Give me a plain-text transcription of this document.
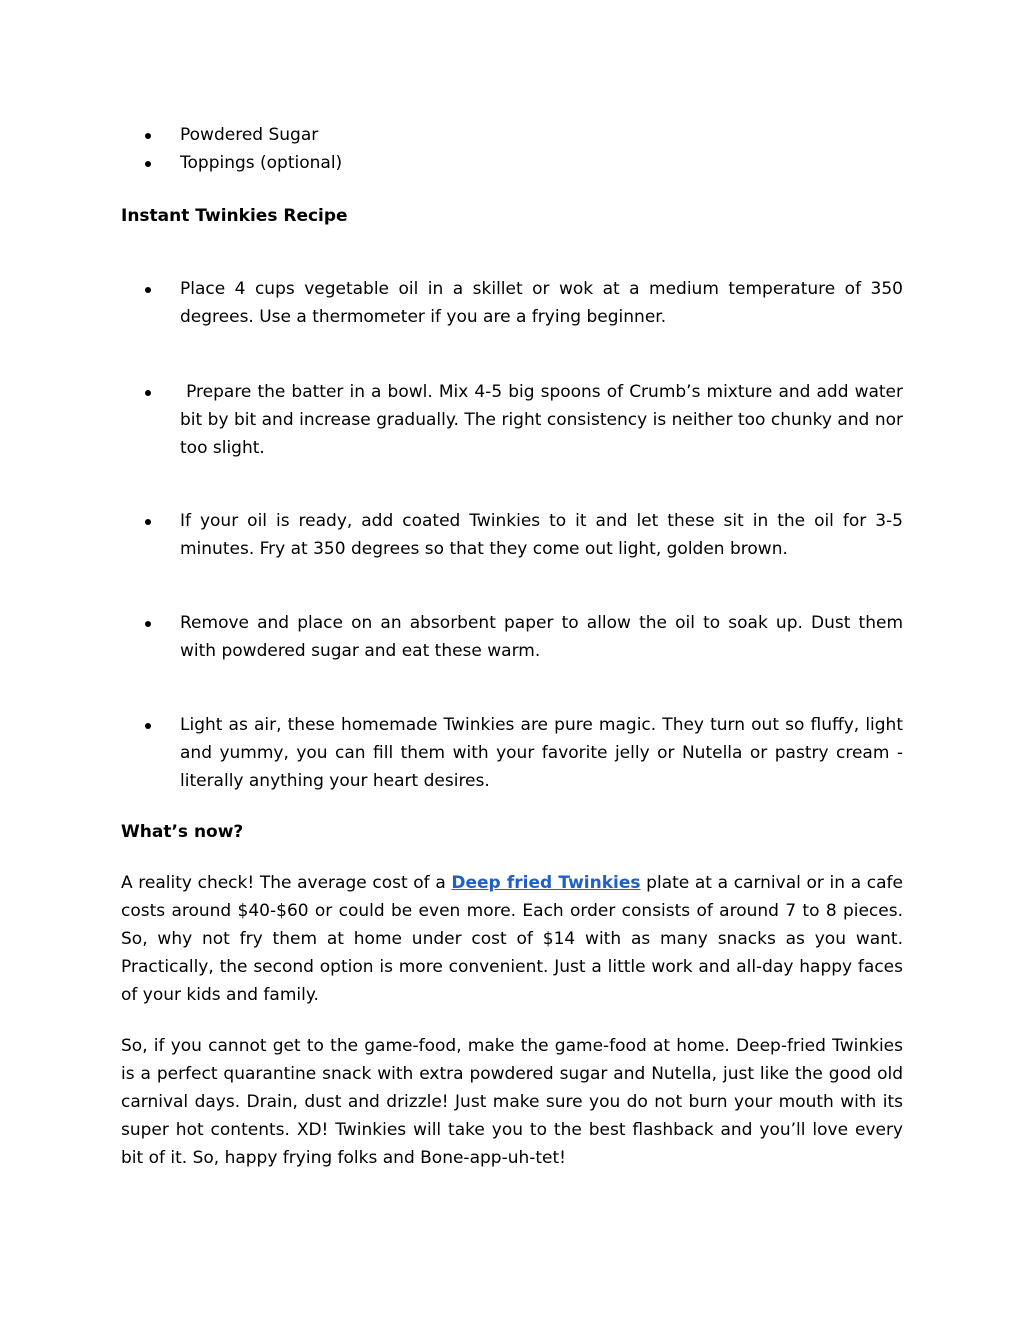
Powdered Sugar
Toppings (optional)
Instant Twinkies Recipe
Place 4 cups vegetable oil in a skillet or wok at a medium temperature of 350 degrees. Use a thermometer if you are a frying beginner.
Prepare the batter in a bowl. Mix 4-5 big spoons of Crumb’s mixture and add water bit by bit and increase gradually. The right consistency is neither too chunky and nor too slight.
If your oil is ready, add coated Twinkies to it and let these sit in the oil for 3-5 minutes. Fry at 350 degrees so that they come out light, golden brown.
Remove and place on an absorbent paper to allow the oil to soak up. Dust them with powdered sugar and eat these warm.
Light as air, these homemade Twinkies are pure magic. They turn out so fluffy, light and yummy, you can fill them with your favorite jelly or Nutella or pastry cream - literally anything your heart desires.
What’s now?

A reality check! The average cost of a Deep fried Twinkies plate at a carnival or in a cafe costs around $40-$60 or could be even more. Each order consists of around 7 to 8 pieces. So, why not fry them at home under cost of $14 with as many snacks as you want. Practically, the second option is more convenient. Just a little work and all-day happy faces of your kids and family.

So, if you cannot get to the game-food, make the game-food at home. Deep-fried Twinkies is a perfect quarantine snack with extra powdered sugar and Nutella, just like the good old carnival days. Drain, dust and drizzle! Just make sure you do not burn your mouth with its super hot contents. XD! Twinkies will take you to the best flashback and you’ll love every bit of it. So, happy frying folks and Bone-app-uh-tet!
